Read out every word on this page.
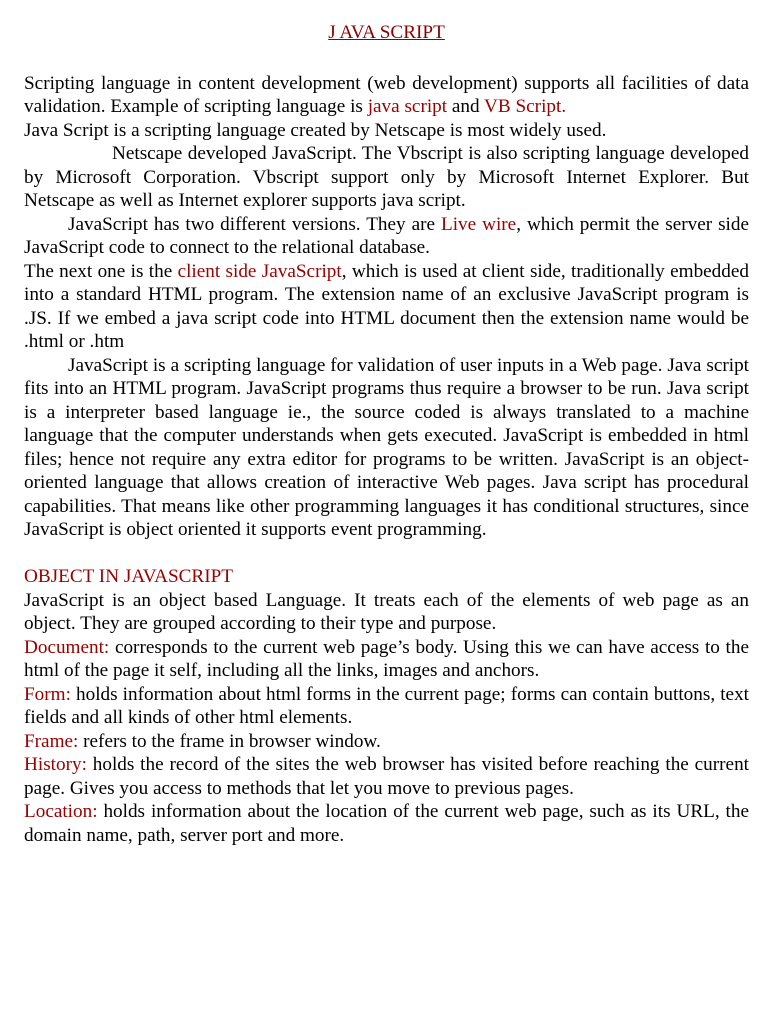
J AVA SCRIPT

Scripting language in content development (web development) supports all facilities of data validation. Example of scripting language is java script and VB Script.

Java Script is a scripting language created by Netscape is most widely used.

Netscape developed JavaScript. The Vbscript is also scripting language developed by Microsoft Corporation. Vbscript support only by Microsoft Internet Explorer. But Netscape as well as Internet explorer supports java script.

JavaScript has two different versions. They are Live wire, which permit the server side JavaScript code to connect to the relational database.

The next one is the client side JavaScript, which is used at client side, traditionally embedded into a standard HTML program. The extension name of an exclusive JavaScript program is .JS. If we embed a java script code into HTML document then the extension name would be .html or .htm

JavaScript is a scripting language for validation of user inputs in a Web page. Java script fits into an HTML program. JavaScript programs thus require a browser to be run. Java script is a interpreter based language ie., the source coded is always translated to a machine language that the computer understands when gets executed. JavaScript is embedded in html files; hence not require any extra editor for programs to be written. JavaScript is an object-oriented language that allows creation of interactive Web pages. Java script has procedural capabilities. That means like other programming languages it has conditional structures, since JavaScript is object oriented it supports event programming.

OBJECT IN JAVASCRIPT

JavaScript is an object based Language. It treats each of the elements of web page as an object. They are grouped according to their type and purpose.

Document: corresponds to the current web page’s body. Using this we can have access to the html of the page it self, including all the links, images and anchors.

Form: holds information about html forms in the current page; forms can contain buttons, text fields and all kinds of other html elements.

Frame: refers to the frame in browser window.

History: holds the record of the sites the web browser has visited before reaching the current page. Gives you access to methods that let you move to previous pages.

Location: holds information about the location of the current web page, such as its URL, the domain name, path, server port and more.
